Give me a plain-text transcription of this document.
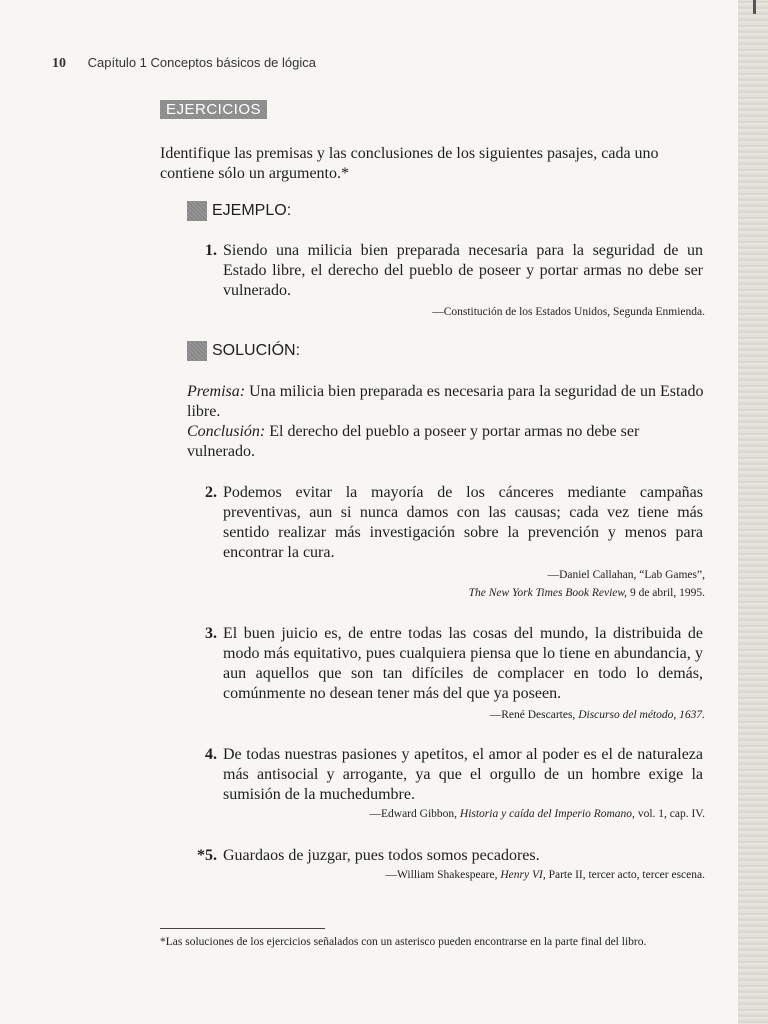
10 Capítulo 1 Conceptos básicos de lógica
EJERCICIOS
Identifique las premisas y las conclusiones de los siguientes pasajes, cada uno contiene sólo un argumento.*
EJEMPLO:
1. Siendo una milicia bien preparada necesaria para la seguridad de un Estado libre, el derecho del pueblo de poseer y portar armas no debe ser vulnerado.
—Constitución de los Estados Unidos, Segunda Enmienda.
SOLUCIÓN:
Premisa: Una milicia bien preparada es necesaria para la seguridad de un Estado libre.
Conclusión: El derecho del pueblo a poseer y portar armas no debe ser vulnerado.
2. Podemos evitar la mayoría de los cánceres mediante campañas preventivas, aun si nunca damos con las causas; cada vez tiene más sentido realizar más investigación sobre la prevención y menos para encontrar la cura.
—Daniel Callahan, “Lab Games”,
The New York Times Book Review, 9 de abril, 1995.
3. El buen juicio es, de entre todas las cosas del mundo, la distribuida de modo más equitativo, pues cualquiera piensa que lo tiene en abundancia, y aun aquellos que son tan difíciles de complacer en todo lo demás, comúnmente no desean tener más del que ya poseen.
—René Descartes, Discurso del método, 1637.
4. De todas nuestras pasiones y apetitos, el amor al poder es el de naturaleza más antisocial y arrogante, ya que el orgullo de un hombre exige la sumisión de la muchedumbre.
—Edward Gibbon, Historia y caída del Imperio Romano, vol. 1, cap. IV.
*5. Guardaos de juzgar, pues todos somos pecadores.
—William Shakespeare, Henry VI, Parte II, tercer acto, tercer escena.
*Las soluciones de los ejercicios señalados con un asterisco pueden encontrarse en la parte final del libro.
